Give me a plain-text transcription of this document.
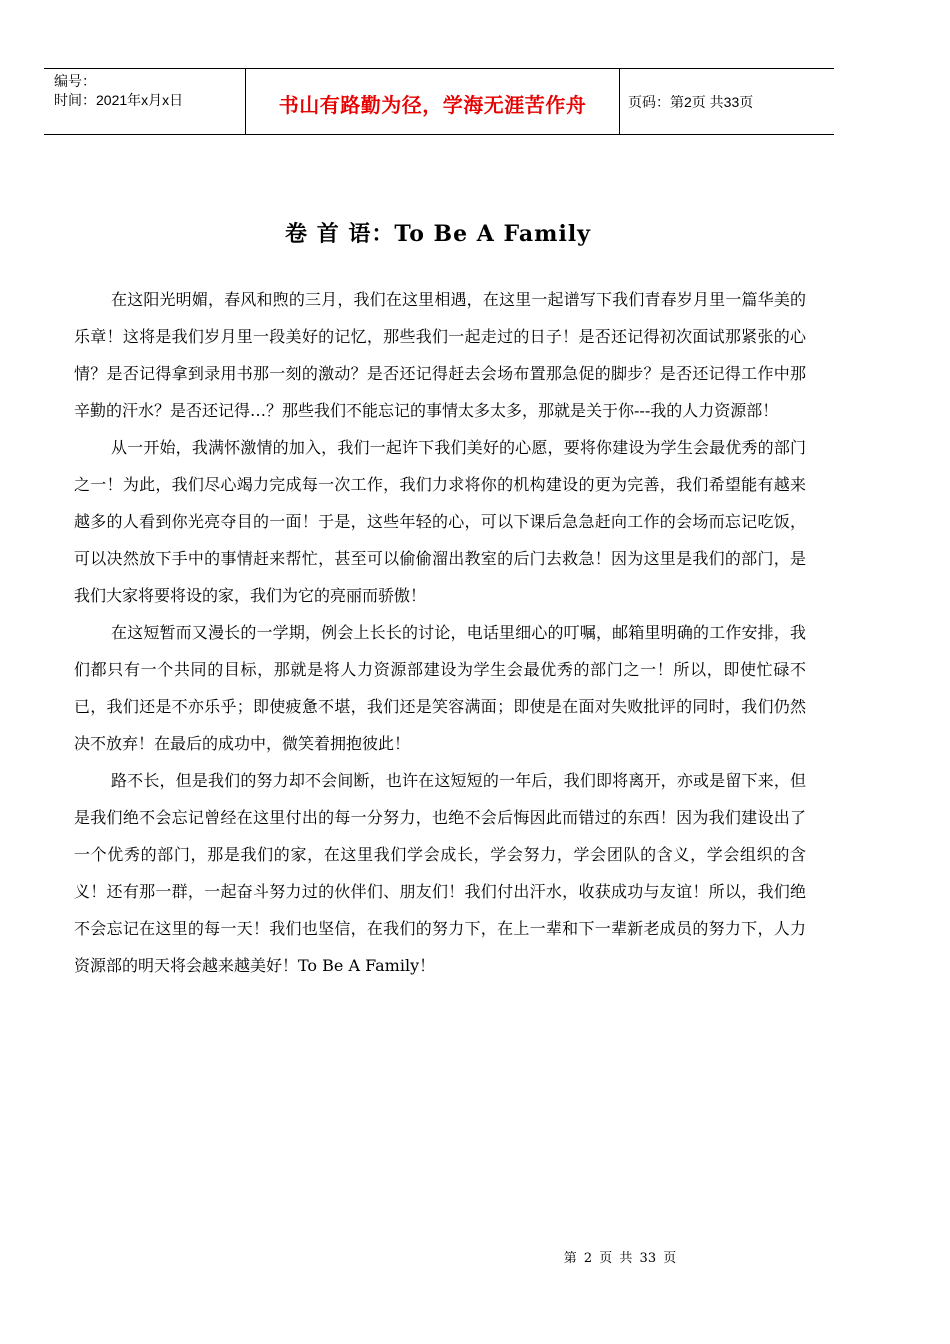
编号：
时间：2021年x月x日	书山有路勤为径，学海无涯苦作舟	页码：第2页 共33页
卷 首 语：To Be A Family

在这阳光明媚，春风和煦的三月，我们在这里相遇，在这里一起谱写下我们青春岁月里一篇华美的乐章！这将是我们岁月里一段美好的记忆，那些我们一起走过的日子！是否还记得初次面试那紧张的心情？是否记得拿到录用书那一刻的激动？是否还记得赶去会场布置那急促的脚步？是否还记得工作中那辛勤的汗水？是否还记得…？那些我们不能忘记的事情太多太多，那就是关于你---我的人力资源部！

从一开始，我满怀激情的加入，我们一起许下我们美好的心愿，要将你建设为学生会最优秀的部门之一！为此，我们尽心竭力完成每一次工作，我们力求将你的机构建设的更为完善，我们希望能有越来越多的人看到你光亮夺目的一面！于是，这些年轻的心，可以下课后急急赶向工作的会场而忘记吃饭，可以决然放下手中的事情赶来帮忙，甚至可以偷偷溜出教室的后门去救急！因为这里是我们的部门，是我们大家将要将设的家，我们为它的亮丽而骄傲！

在这短暂而又漫长的一学期，例会上长长的讨论，电话里细心的叮嘱，邮箱里明确的工作安排，我们都只有一个共同的目标，那就是将人力资源部建设为学生会最优秀的部门之一！所以，即使忙碌不已，我们还是不亦乐乎；即使疲惫不堪，我们还是笑容满面；即使是在面对失败批评的同时，我们仍然决不放弃！在最后的成功中，微笑着拥抱彼此！

路不长，但是我们的努力却不会间断，也许在这短短的一年后，我们即将离开，亦或是留下来，但是我们绝不会忘记曾经在这里付出的每一分努力，也绝不会后悔因此而错过的东西！因为我们建设出了一个优秀的部门，那是我们的家，在这里我们学会成长，学会努力，学会团队的含义，学会组织的含义！还有那一群，一起奋斗努力过的伙伴们、朋友们！我们付出汗水，收获成功与友谊！所以，我们绝不会忘记在这里的每一天！我们也坚信，在我们的努力下，在上一辈和下一辈新老成员的努力下，人力资源部的明天将会越来越美好！To Be A Family！

第 2 页 共 33 页
